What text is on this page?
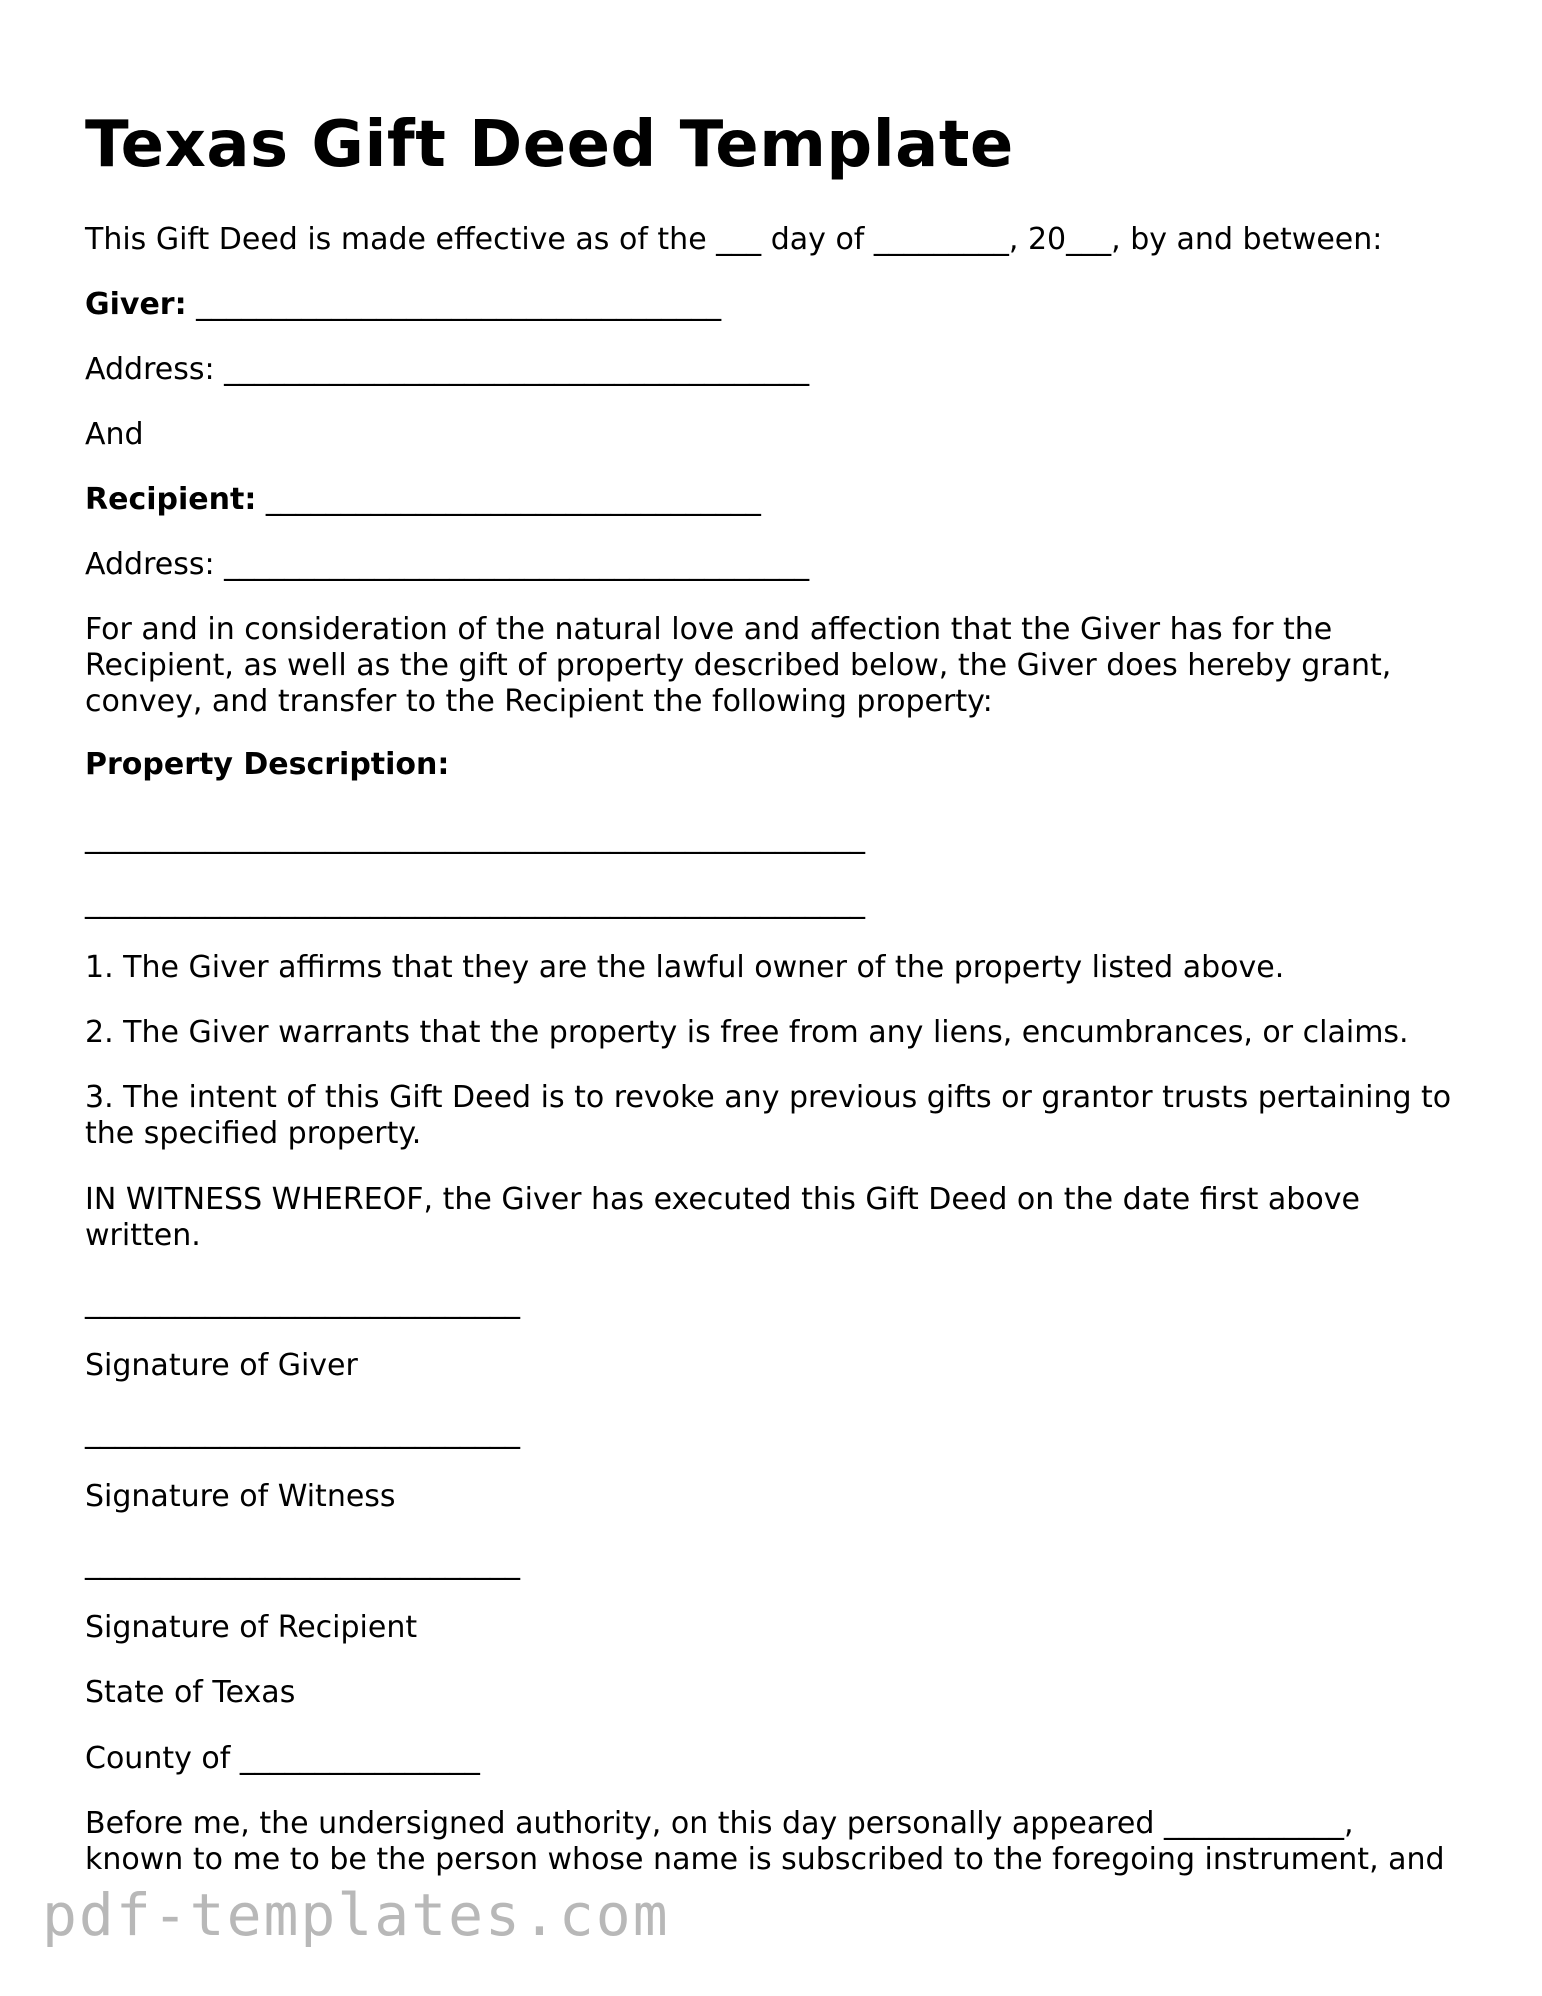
Texas Gift Deed Template

This Gift Deed is made effective as of the ___ day of _________, 20___, by and between:

Giver: ___________________________________

Address: _______________________________________

And

Recipient: _________________________________

Address: _______________________________________

For and in consideration of the natural love and affection that the Giver has for the
Recipient, as well as the gift of property described below, the Giver does hereby grant,
convey, and transfer to the Recipient the following property:

Property Description:

____________________________________________________

____________________________________________________

1. The Giver affirms that they are the lawful owner of the property listed above.

2. The Giver warrants that the property is free from any liens, encumbrances, or claims.

3. The intent of this Gift Deed is to revoke any previous gifts or grantor trusts pertaining to
the specified property.

IN WITNESS WHEREOF, the Giver has executed this Gift Deed on the date first above
written.

_____________________________

Signature of Giver

_____________________________

Signature of Witness

_____________________________

Signature of Recipient

State of Texas

County of ________________

Before me, the undersigned authority, on this day personally appeared ____________,
known to me to be the person whose name is subscribed to the foregoing instrument, and

pdf-templates.com
